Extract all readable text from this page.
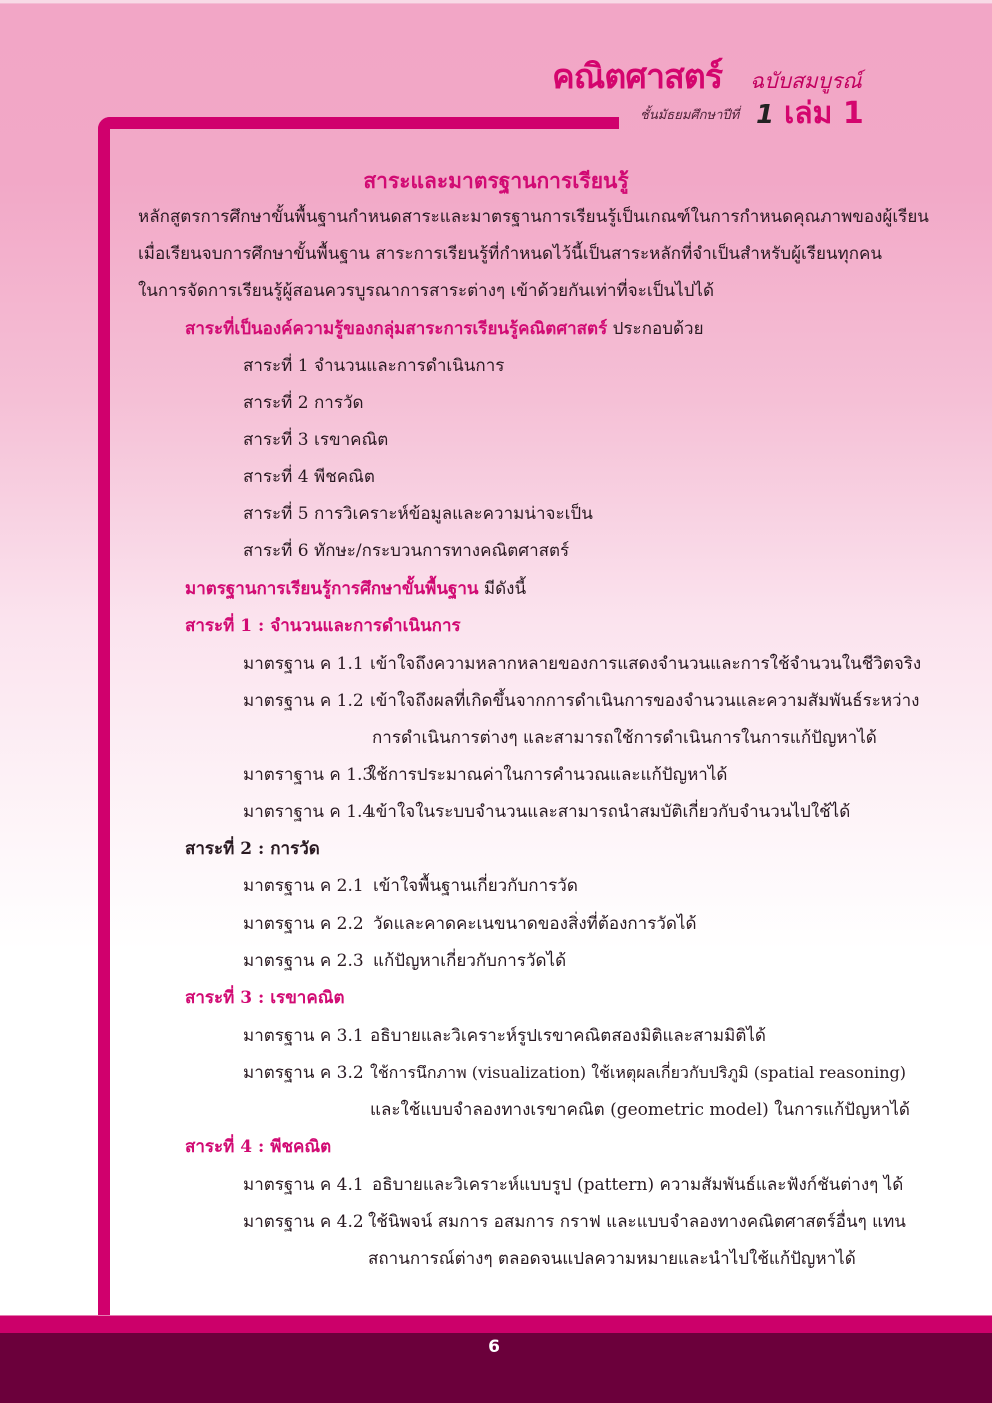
คณิตศาสตร์ ฉบับสมบูรณ์
ชั้นมัธยมศึกษาปีที่ 1 เล่ม 1
สาระและมาตรฐานการเรียนรู้
หลักสูตรการศึกษาขั้นพื้นฐานกำหนดสาระและมาตรฐานการเรียนรู้เป็นเกณฑ์ในการกำหนดคุณภาพของผู้เรียน
เมื่อเรียนจบการศึกษาขั้นพื้นฐาน สาระการเรียนรู้ที่กำหนดไว้นี้เป็นสาระหลักที่จำเป็นสำหรับผู้เรียนทุกคน
ในการจัดการเรียนรู้ผู้สอนควรบูรณาการสาระต่างๆ เข้าด้วยกันเท่าที่จะเป็นไปได้
สาระที่เป็นองค์ความรู้ของกลุ่มสาระการเรียนรู้คณิตศาสตร์ ประกอบด้วย
สาระที่ 1 จำนวนและการดำเนินการ
สาระที่ 2 การวัด
สาระที่ 3 เรขาคณิต
สาระที่ 4 พีชคณิต
สาระที่ 5 การวิเคราะห์ข้อมูลและความน่าจะเป็น
สาระที่ 6 ทักษะ/กระบวนการทางคณิตศาสตร์
มาตรฐานการเรียนรู้การศึกษาขั้นพื้นฐาน มีดังนี้
สาระที่ 1 : จำนวนและการดำเนินการ
มาตรฐาน ค 1.1 เข้าใจถึงความหลากหลายของการแสดงจำนวนและการใช้จำนวนในชีวิตจริง
มาตรฐาน ค 1.2 เข้าใจถึงผลที่เกิดขึ้นจากการดำเนินการของจำนวนและความสัมพันธ์ระหว่าง
การดำเนินการต่างๆ และสามารถใช้การดำเนินการในการแก้ปัญหาได้
มาตราฐาน ค 1.3
ใช้การประมาณค่าในการคำนวณและแก้ปัญหาได้
มาตราฐาน ค 1.4
เข้าใจในระบบจำนวนและสามารถนำสมบัติเกี่ยวกับจำนวนไปใช้ได้
สาระที่ 2 : การวัด
มาตรฐาน ค 2.1 เข้าใจพื้นฐานเกี่ยวกับการวัด
มาตรฐาน ค 2.2 วัดและคาดคะเนขนาดของสิ่งที่ต้องการวัดได้
มาตรฐาน ค 2.3 แก้ปัญหาเกี่ยวกับการวัดได้
สาระที่ 3 : เรขาคณิต
มาตรฐาน ค 3.1 อธิบายและวิเคราะห์รูปเรขาคณิตสองมิติและสามมิติได้
มาตรฐาน ค 3.2 ใช้การนึกภาพ (visualization) ใช้เหตุผลเกี่ยวกับปริภูมิ (spatial reasoning)
และใช้แบบจำลองทางเรขาคณิต (geometric model) ในการแก้ปัญหาได้
สาระที่ 4 : พีชคณิต
มาตรฐาน ค 4.1 อธิบายและวิเคราะห์แบบรูป (pattern) ความสัมพันธ์และฟังก์ชันต่างๆ ได้
มาตรฐาน ค 4.2 ใช้นิพจน์ สมการ อสมการ กราฟ และแบบจำลองทางคณิตศาสตร์อื่นๆ แทน
สถานการณ์ต่างๆ ตลอดจนแปลความหมายและนำไปใช้แก้ปัญหาได้
6
